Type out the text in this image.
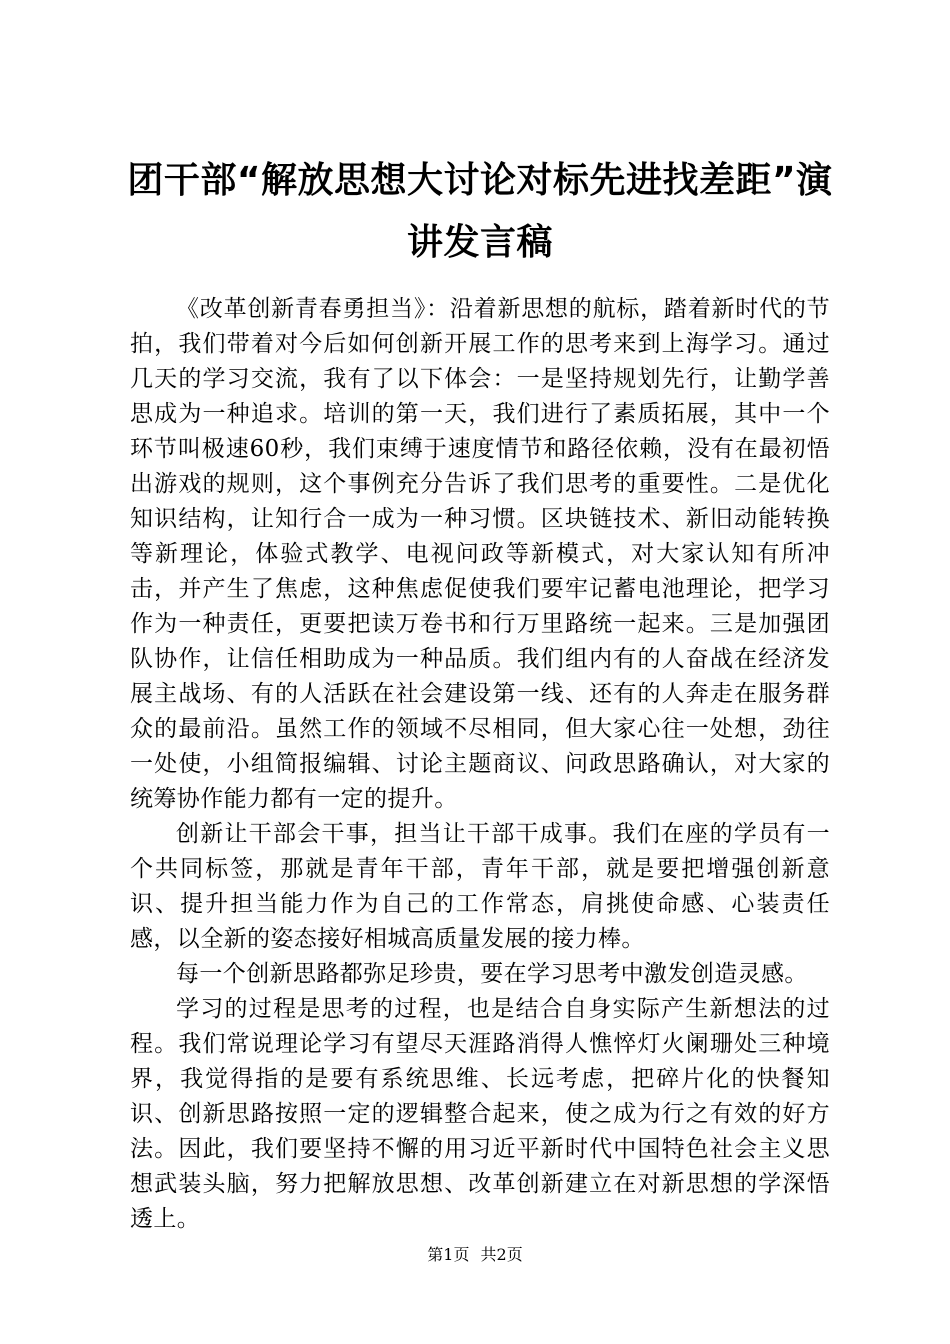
团干部“解放思想大讨论对标先进找差距”演讲发言稿

《改革创新青春勇担当》：沿着新思想的航标，踏着新时代的节拍，我们带着对今后如何创新开展工作的思考来到上海学习。通过几天的学习交流，我有了以下体会：一是坚持规划先行，让勤学善思成为一种追求。培训的第一天，我们进行了素质拓展，其中一个环节叫极速60秒，我们束缚于速度情节和路径依赖，没有在最初悟出游戏的规则，这个事例充分告诉了我们思考的重要性。二是优化知识结构，让知行合一成为一种习惯。区块链技术、新旧动能转换等新理论，体验式教学、电视问政等新模式，对大家认知有所冲击，并产生了焦虑，这种焦虑促使我们要牢记蓄电池理论，把学习作为一种责任，更要把读万卷书和行万里路统一起来。三是加强团队协作，让信任相助成为一种品质。我们组内有的人奋战在经济发展主战场、有的人活跃在社会建设第一线、还有的人奔走在服务群众的最前沿。虽然工作的领域不尽相同，但大家心往一处想，劲往一处使，小组简报编辑、讨论主题商议、问政思路确认，对大家的统筹协作能力都有一定的提升。

创新让干部会干事，担当让干部干成事。我们在座的学员有一个共同标签，那就是青年干部，青年干部，就是要把增强创新意识、提升担当能力作为自己的工作常态，肩挑使命感、心装责任感，以全新的姿态接好相城高质量发展的接力棒。

每一个创新思路都弥足珍贵，要在学习思考中激发创造灵感。

学习的过程是思考的过程，也是结合自身实际产生新想法的过程。我们常说理论学习有望尽天涯路消得人憔悴灯火阑珊处三种境界，我觉得指的是要有系统思维、长远考虑，把碎片化的快餐知识、创新思路按照一定的逻辑整合起来，使之成为行之有效的好方法。因此，我们要坚持不懈的用习近平新时代中国特色社会主义思想武装头脑，努力把解放思想、改革创新建立在对新思想的学深悟透上。

第1页 共2页
